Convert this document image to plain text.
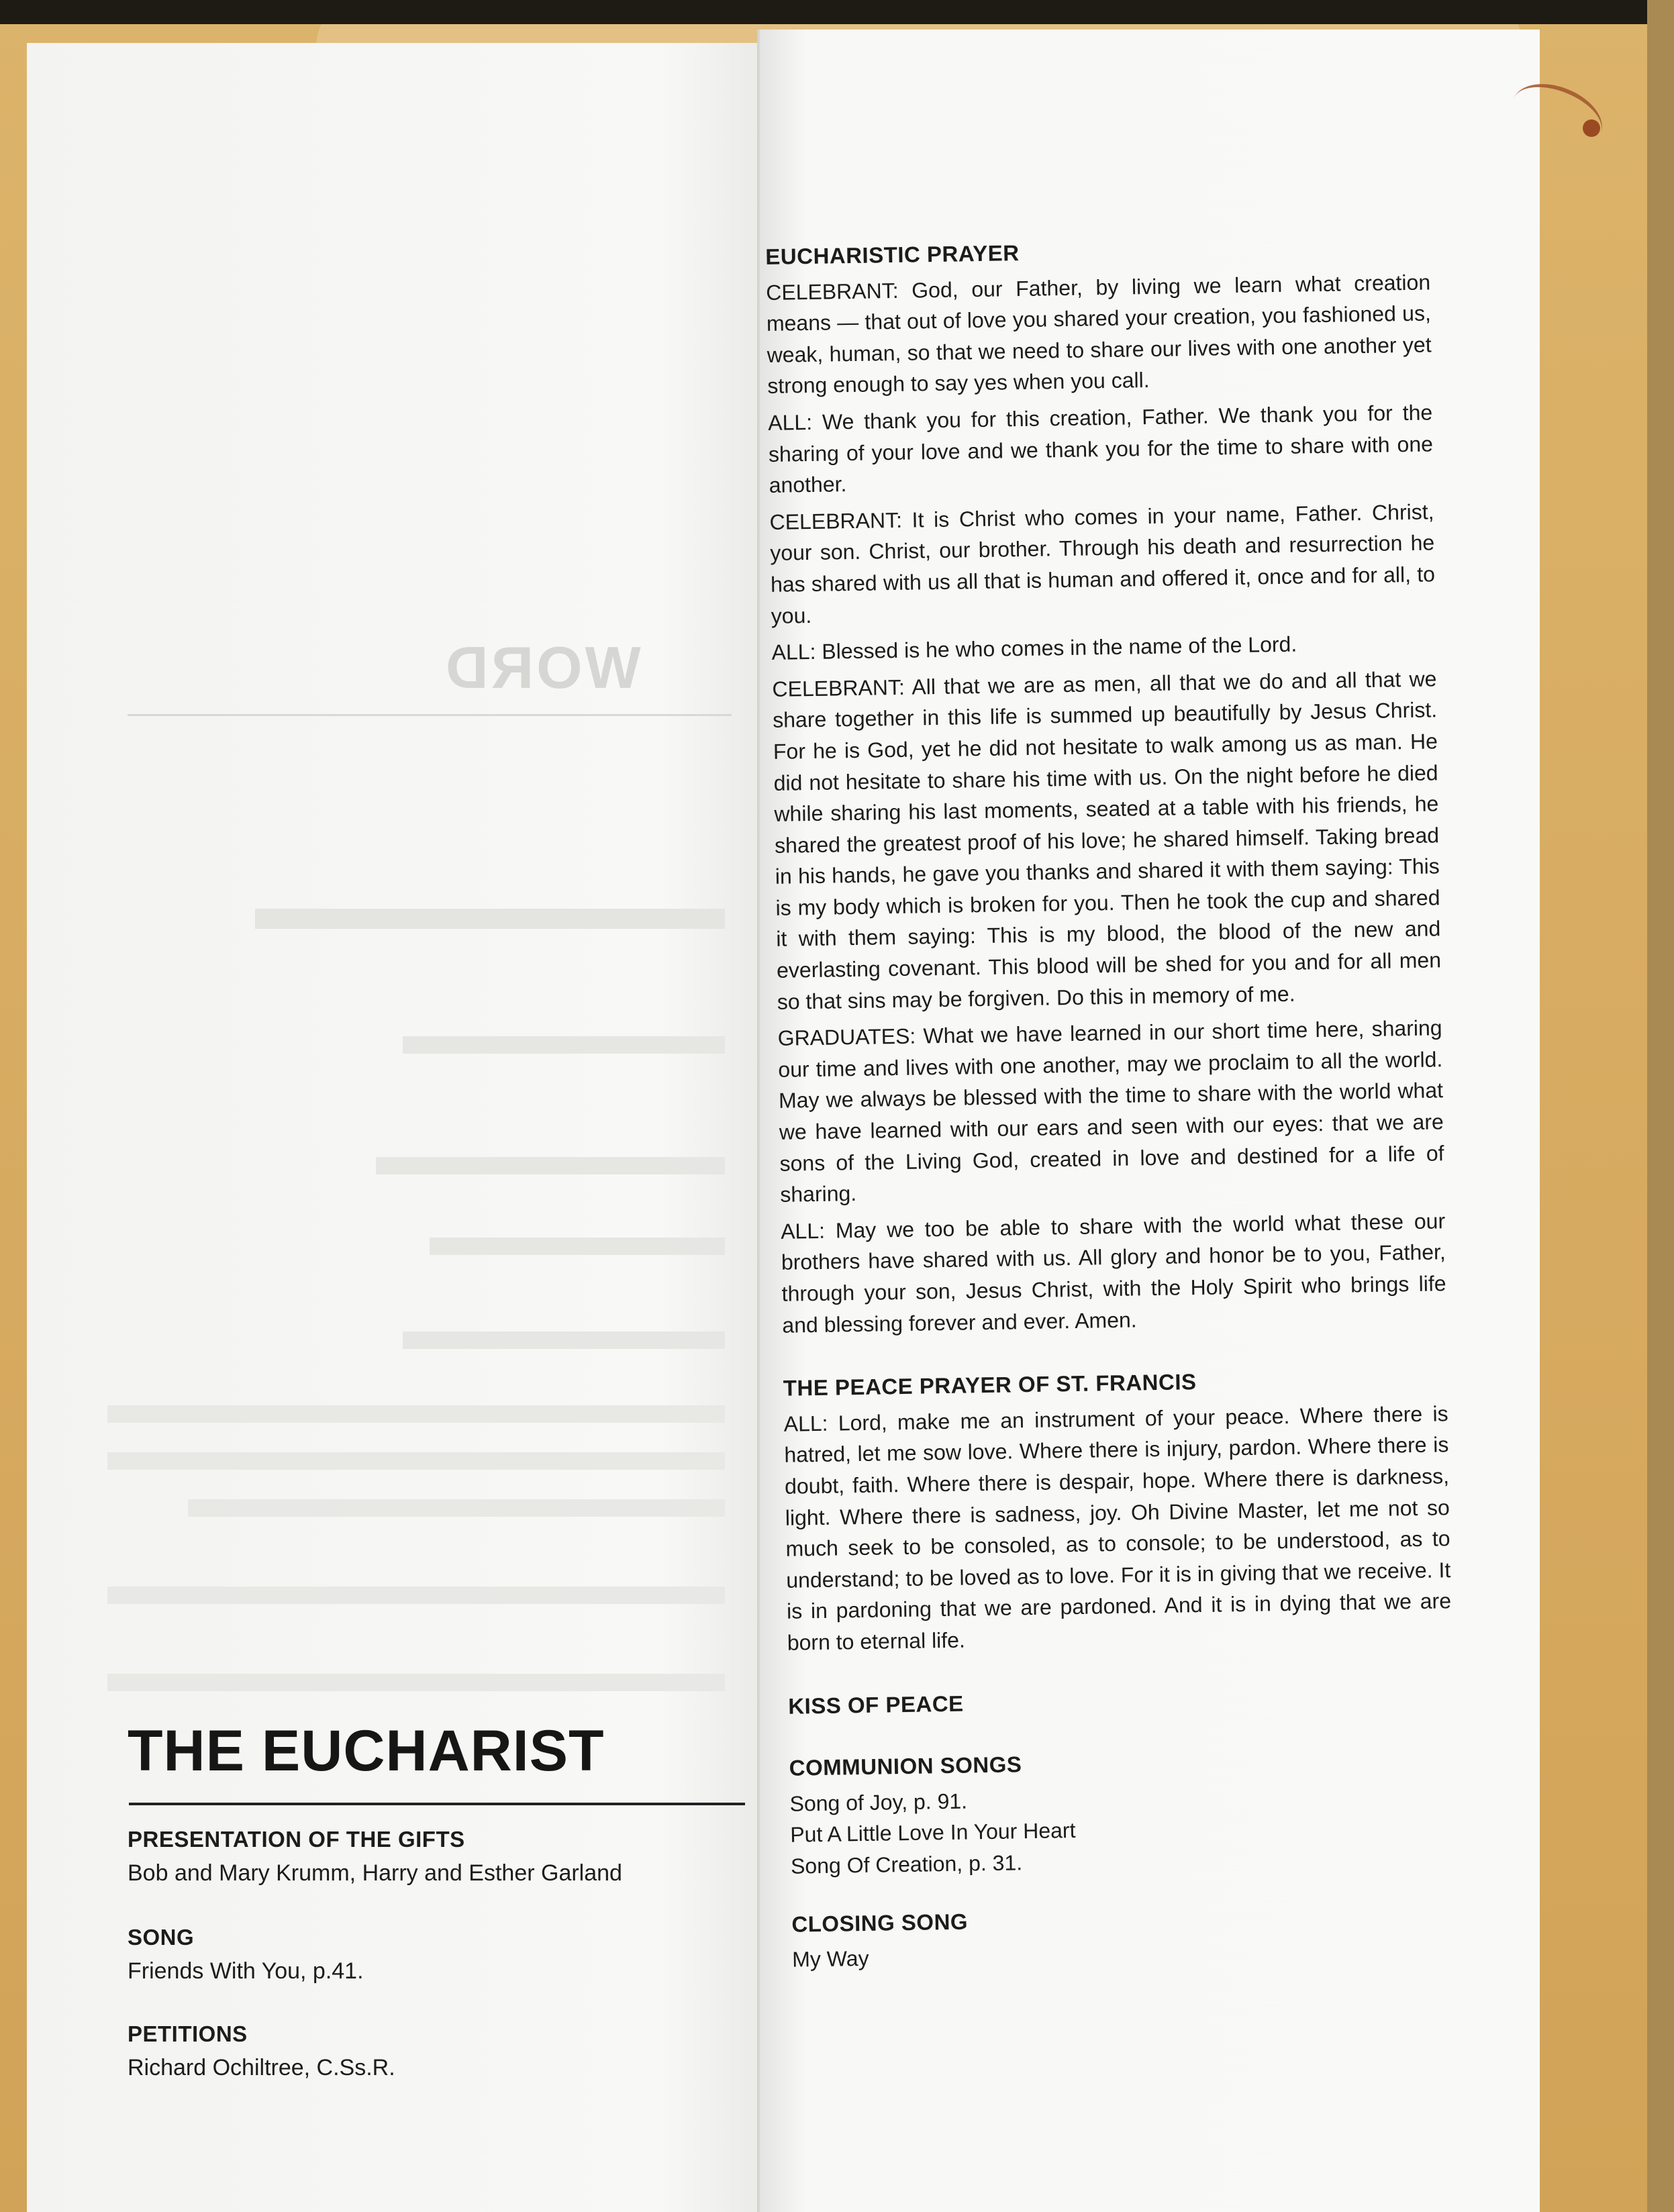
WORD
THE EUCHARIST

PRESENTATION OF THE GIFTS

Bob and Mary Krumm, Harry and Esther Garland

SONG

Friends With You, p.41.

PETITIONS

Richard Ochiltree, C.Ss.R.

EUCHARISTIC PRAYER

CELEBRANT: God, our Father, by living we learn what creation means — that out of love you shared your creation, you fashioned us, weak, human, so that we need to share our lives with one another yet strong enough to say yes when you call.

ALL: We thank you for this creation, Father. We thank you for the sharing of your love and we thank you for the time to share with one another.

CELEBRANT: It is Christ who comes in your name, Father. Christ, your son. Christ, our brother. Through his death and resurrection he has shared with us all that is human and offered it, once and for all, to you.

ALL: Blessed is he who comes in the name of the Lord.

CELEBRANT: All that we are as men, all that we do and all that we share together in this life is summed up beautifully by Jesus Christ. For he is God, yet he did not hesitate to walk among us as man. He did not hesitate to share his time with us. On the night before he died while sharing his last moments, seated at a table with his friends, he shared the greatest proof of his love; he shared himself. Taking bread in his hands, he gave you thanks and shared it with them saying: This is my body which is broken for you. Then he took the cup and shared it with them saying: This is my blood, the blood of the new and everlasting covenant. This blood will be shed for you and for all men so that sins may be forgiven. Do this in memory of me.

GRADUATES: What we have learned in our short time here, sharing our time and lives with one another, may we proclaim to all the world. May we always be blessed with the time to share with the world what we have learned with our ears and seen with our eyes: that we are sons of the Living God, created in love and destined for a life of sharing.

ALL: May we too be able to share with the world what these our brothers have shared with us. All glory and honor be to you, Father, through your son, Jesus Christ, with the Holy Spirit who brings life and blessing forever and ever. Amen.

THE PEACE PRAYER OF ST. FRANCIS

ALL: Lord, make me an instrument of your peace. Where there is hatred, let me sow love. Where there is injury, pardon. Where there is doubt, faith. Where there is despair, hope. Where there is darkness, light. Where there is sadness, joy. Oh Divine Master, let me not so much seek to be consoled, as to console; to be understood, as to understand; to be loved as to love. For it is in giving that we receive. It is in pardoning that we are pardoned. And it is in dying that we are born to eternal life.

KISS OF PEACE
COMMUNION SONGS
Song of Joy, p. 91.
Put A Little Love In Your Heart
Song Of Creation, p. 31.
CLOSING SONG
My Way
